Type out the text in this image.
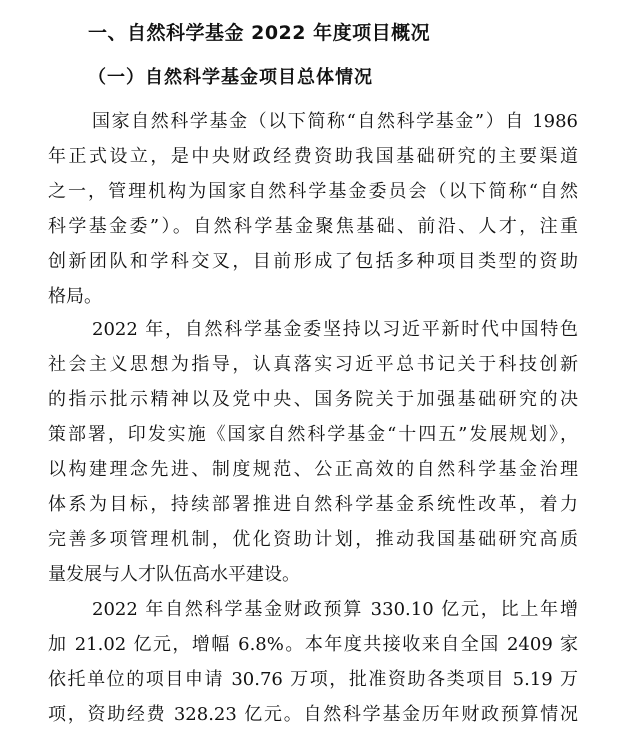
一、自然科学基金 2022 年度项目概况
（一）自然科学基金项目总体情况
国家自然科学基金（以下简称“自然科学基金”）自 1986
年正式设立，是中央财政经费资助我国基础研究的主要渠道
之一，管理机构为国家自然科学基金委员会（以下简称“自然
科学基金委”）。自然科学基金聚焦基础、前沿、人才，注重
创新团队和学科交叉，目前形成了包括多种项目类型的资助
格局。
2022 年，自然科学基金委坚持以习近平新时代中国特色
社会主义思想为指导，认真落实习近平总书记关于科技创新
的指示批示精神以及党中央、国务院关于加强基础研究的决
策部署，印发实施《国家自然科学基金“十四五”发展规划》，
以构建理念先进、制度规范、公正高效的自然科学基金治理
体系为目标，持续部署推进自然科学基金系统性改革，着力
完善多项管理机制，优化资助计划，推动我国基础研究高质
量发展与人才队伍高水平建设。
2022 年自然科学基金财政预算 330.10 亿元，比上年增
加 21.02 亿元，增幅 6.8%。本年度共接收来自全国 2409 家
依托单位的项目申请 30.76 万项，批准资助各类项目 5.19 万
项，资助经费 328.23 亿元。自然科学基金历年财政预算情况
